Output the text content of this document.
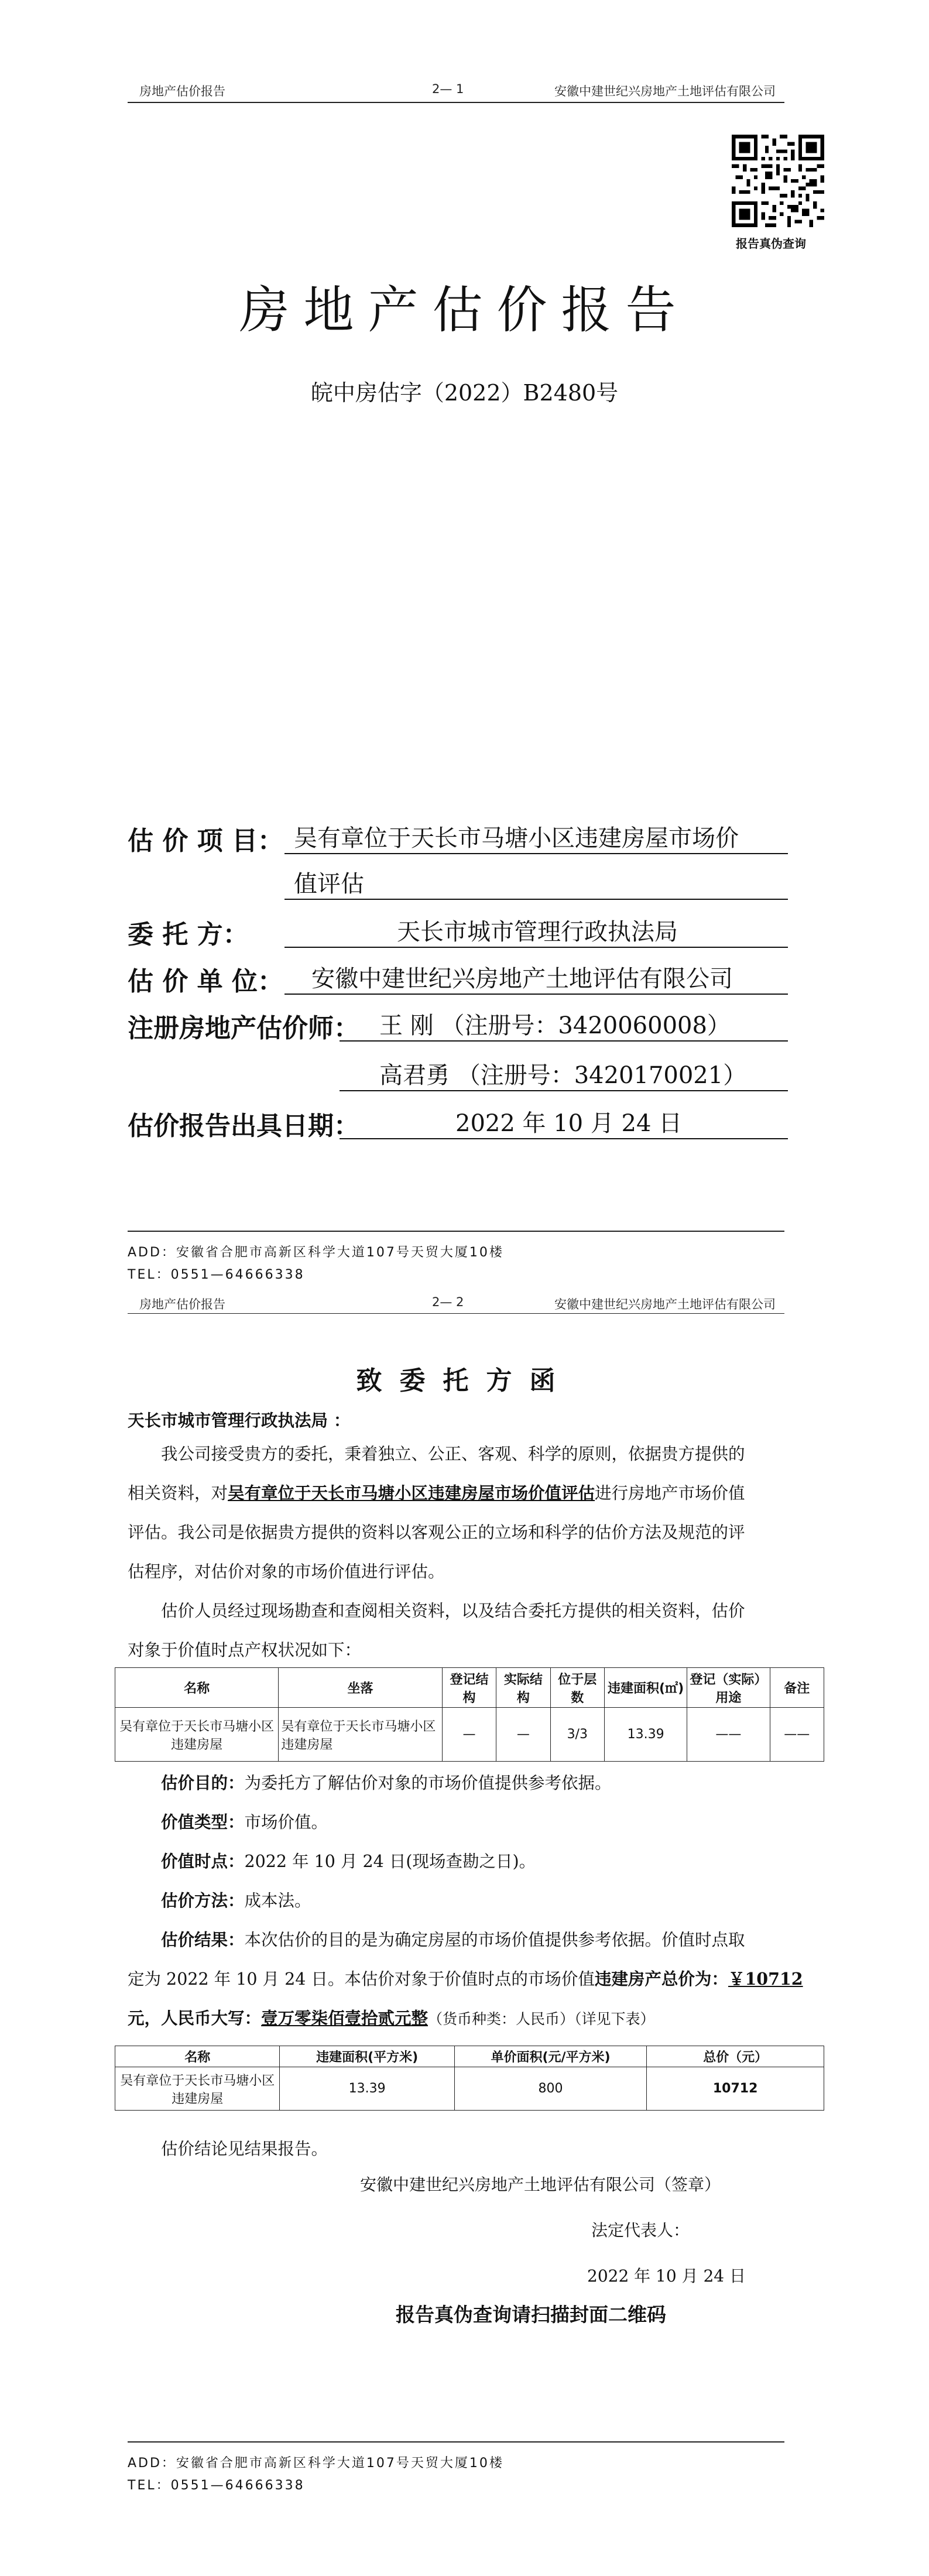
房地产估价报告	2— 1	安徽中建世纪兴房地产土地评估有限公司
报告真伪查询
房地产估价报告
皖中房估字（2022）B2480号
估 价 项 目： 吴有章位于天长市马塘小区违建房屋市场价
值评估
委 托 方：	天长市城市管理行政执法局
估 价 单 位： 安徽中建世纪兴房地产土地评估有限公司
注册房地产估价师： 王 刚 （注册号：3420060008）
高君勇 （注册号：3420170021）
估价报告出具日期：	2022 年 10 月 24 日
ADD：安徽省合肥市高新区科学大道107号天贸大厦10楼
TEL：0551—64666338
房地产估价报告	2— 2	安徽中建世纪兴房地产土地评估有限公司
致委托方函
天长市城市管理行政执法局 ：
我公司接受贵方的委托，秉着独立、公正、客观、科学的原则，依据贵方提供的
相关资料，对吴有章位于天长市马塘小区违建房屋市场价值评估进行房地产市场价值
评估。我公司是依据贵方提供的资料以客观公正的立场和科学的估价方法及规范的评
估程序，对估价对象的市场价值进行评估。
估价人员经过现场勘查和查阅相关资料，以及结合委托方提供的相关资料，估价
对象于价值时点产权状况如下：
名称	坐落	登记结构	实际结构	位于层数	违建面积(㎡)	登记（实际）用途	备注
吴有章位于天长市马塘小区违建房屋	吴有章位于天长市马塘小区违建房屋	—	—	3/3	13.39	——	——
估价目的：为委托方了解估价对象的市场价值提供参考依据。
价值类型：市场价值。
价值时点：2022 年 10 月 24 日(现场查勘之日)。
估价方法：成本法。
估价结果：本次估价的目的是为确定房屋的市场价值提供参考依据。价值时点取
定为 2022 年 10 月 24 日。本估价对象于价值时点的市场价值违建房产总价为：￥10712
元，人民币大写：壹万零柒佰壹拾贰元整（货币种类：人民币）（详见下表）
名称	违建面积(平方米)	单价面积(元/平方米)	总价（元）
吴有章位于天长市马塘小区违建房屋	13.39	800	10712
估价结论见结果报告。
安徽中建世纪兴房地产土地评估有限公司（签章）
法定代表人：
2022 年 10 月 24 日
报告真伪查询请扫描封面二维码
ADD：安徽省合肥市高新区科学大道107号天贸大厦10楼
TEL：0551—64666338
